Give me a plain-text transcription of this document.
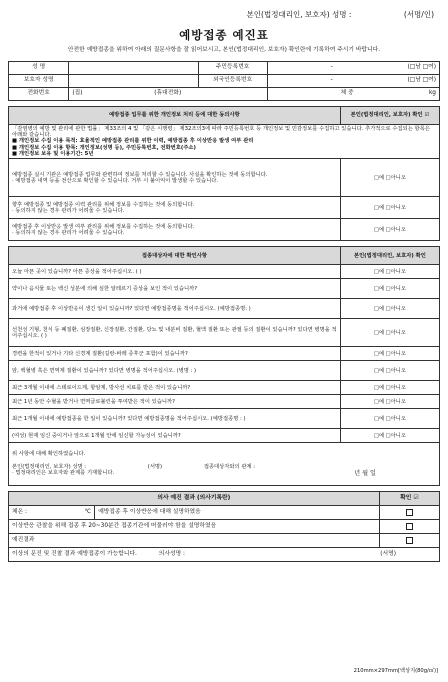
본인(법정대리인, 보호자) 성명 :	(서명/인)
예방접종 예진표
안전한 예방접종을 위하여 아래의 질문사항을 잘 읽어보시고, 본인(법정대리인, 보호자) 확인란에 기록하여 주시기 바랍니다.
성 명		주민등록번호	- (□남 □여)

보호자 성명		외국인등록번호	- (□남 □여)

전화번호	(집) (휴대전화)		체 중 kg
예방접종 업무를 위한 개인정보 처리 등에 대한 동의사항	본인(법정대리인, 보호자) 확인 ☑

「감염병의 예방 및 관리에 관한 법률」 제33조의 4 및 「같은 시행령」 제32조의3에 따라 주민등록번호 등 개인정보 및 민감정보를 수집하고 있습니다. 추가적으로 수집되는 항목은 아래와 같습니다.
■ 개인정보 수집 이용 목적: 효율적인 예방접종 관리를 위한 이력, 예방접종 후 이상반응 발생 여부 관리
■ 개인정보 수집 이용 항목: 개인정보(성명 등), 주민등록번호, 전화번호(주소)
■ 개인정보 보유 및 이용기간: 5년	

예방접종 실시 기관은 예방접종 업무와 관련하여 정보를 처리할 수 있습니다. 사실을 확인하는 것에 동의합니다.
· 예방접종 내역 등을 전산으로 확인할 수 있습니다. 거부 시 불이익이 발생할 수 있습니다.	□예 □아니오

향후 예방접종 및 예방접종 이력 관리를 위해 정보를 수집하는 것에 동의합니다.
· 동의하지 않는 경우 관리가 어려울 수 있습니다.	□예 □아니오

예방접종 후 이상반응 발생 여부 관리를 위해 정보를 수집하는 것에 동의합니다.
· 동의하지 않는 경우 관리가 어려울 수 있습니다.	□예 □아니오
접종대상자에 대한 확인사항	본인(법정대리인, 보호자) 확인
오늘 아픈 곳이 있습니까? 아픈 증상을 적어주십시오. ( )	□예 □아니오
약이나 음식물 또는 백신 성분에 의해 심한 알레르기 증상을 보인 적이 있습니까?	□예 □아니오
과거에 예방접종 후 이상반응이 생긴 일이 있습니까? 있다면 예방접종명을 적어주십시오. (예방접종명: )	□예 □아니오
선천성 기형, 천식 등 폐질환, 심장질환, 신장질환, 간질환, 당뇨 및 내분비 질환, 혈액 질환 또는 관절 등의 질환이 있습니까? 있다면 병명을 적어주십시오. ( )	□예 □아니오
경련을 한적이 있거나 기타 신경계 질환(길랑-바레 증후군 포함)이 있습니까?	□예 □아니오
암, 백혈병 혹은 면역계 질환이 있습니까? 있다면 병명을 적어주십시오. (병명 : )	□예 □아니오
최근 3개월 이내에 스테로이드제, 항암제, 방사선 치료를 받은 적이 있습니까?	□예 □아니오
최근 1년 동안 수혈을 받거나 면역글로불린을 투여받은 적이 있습니까?	□예 □아니오
최근 1개월 이내에 예방접종을 한 일이 있습니까? 있다면 예방접종명을 적어주십시오. (예방접종명 : )	□예 □아니오
(여성) 현재 임신 중이거나 앞으로 1개월 안에 임신할 가능성이 있습니까?	□예 □아니오

위 사항에 대해 확인하였습니다.
본인(법정대리인, 보호자) 성명 : (서명) 접종대상자와의 관계 :
· 법정대리인은 보호자와 관계를 기재합니다. 년 월 일	
의사 예진 결과 (의사기록란)		확인 ☑
체온 : ℃	예방접종 후 이상반응에 대해 설명하였음	
이상반응 관찰을 위해 접종 후 20~30분간 접종기관에 머물러야 함을 설명하였음		
예진결과		
이상의 문진 및 진찰 결과 예방접종이 가능합니다. 의사성명 : (서명)		
210mm×297mm[백상지(80g/㎡)]
